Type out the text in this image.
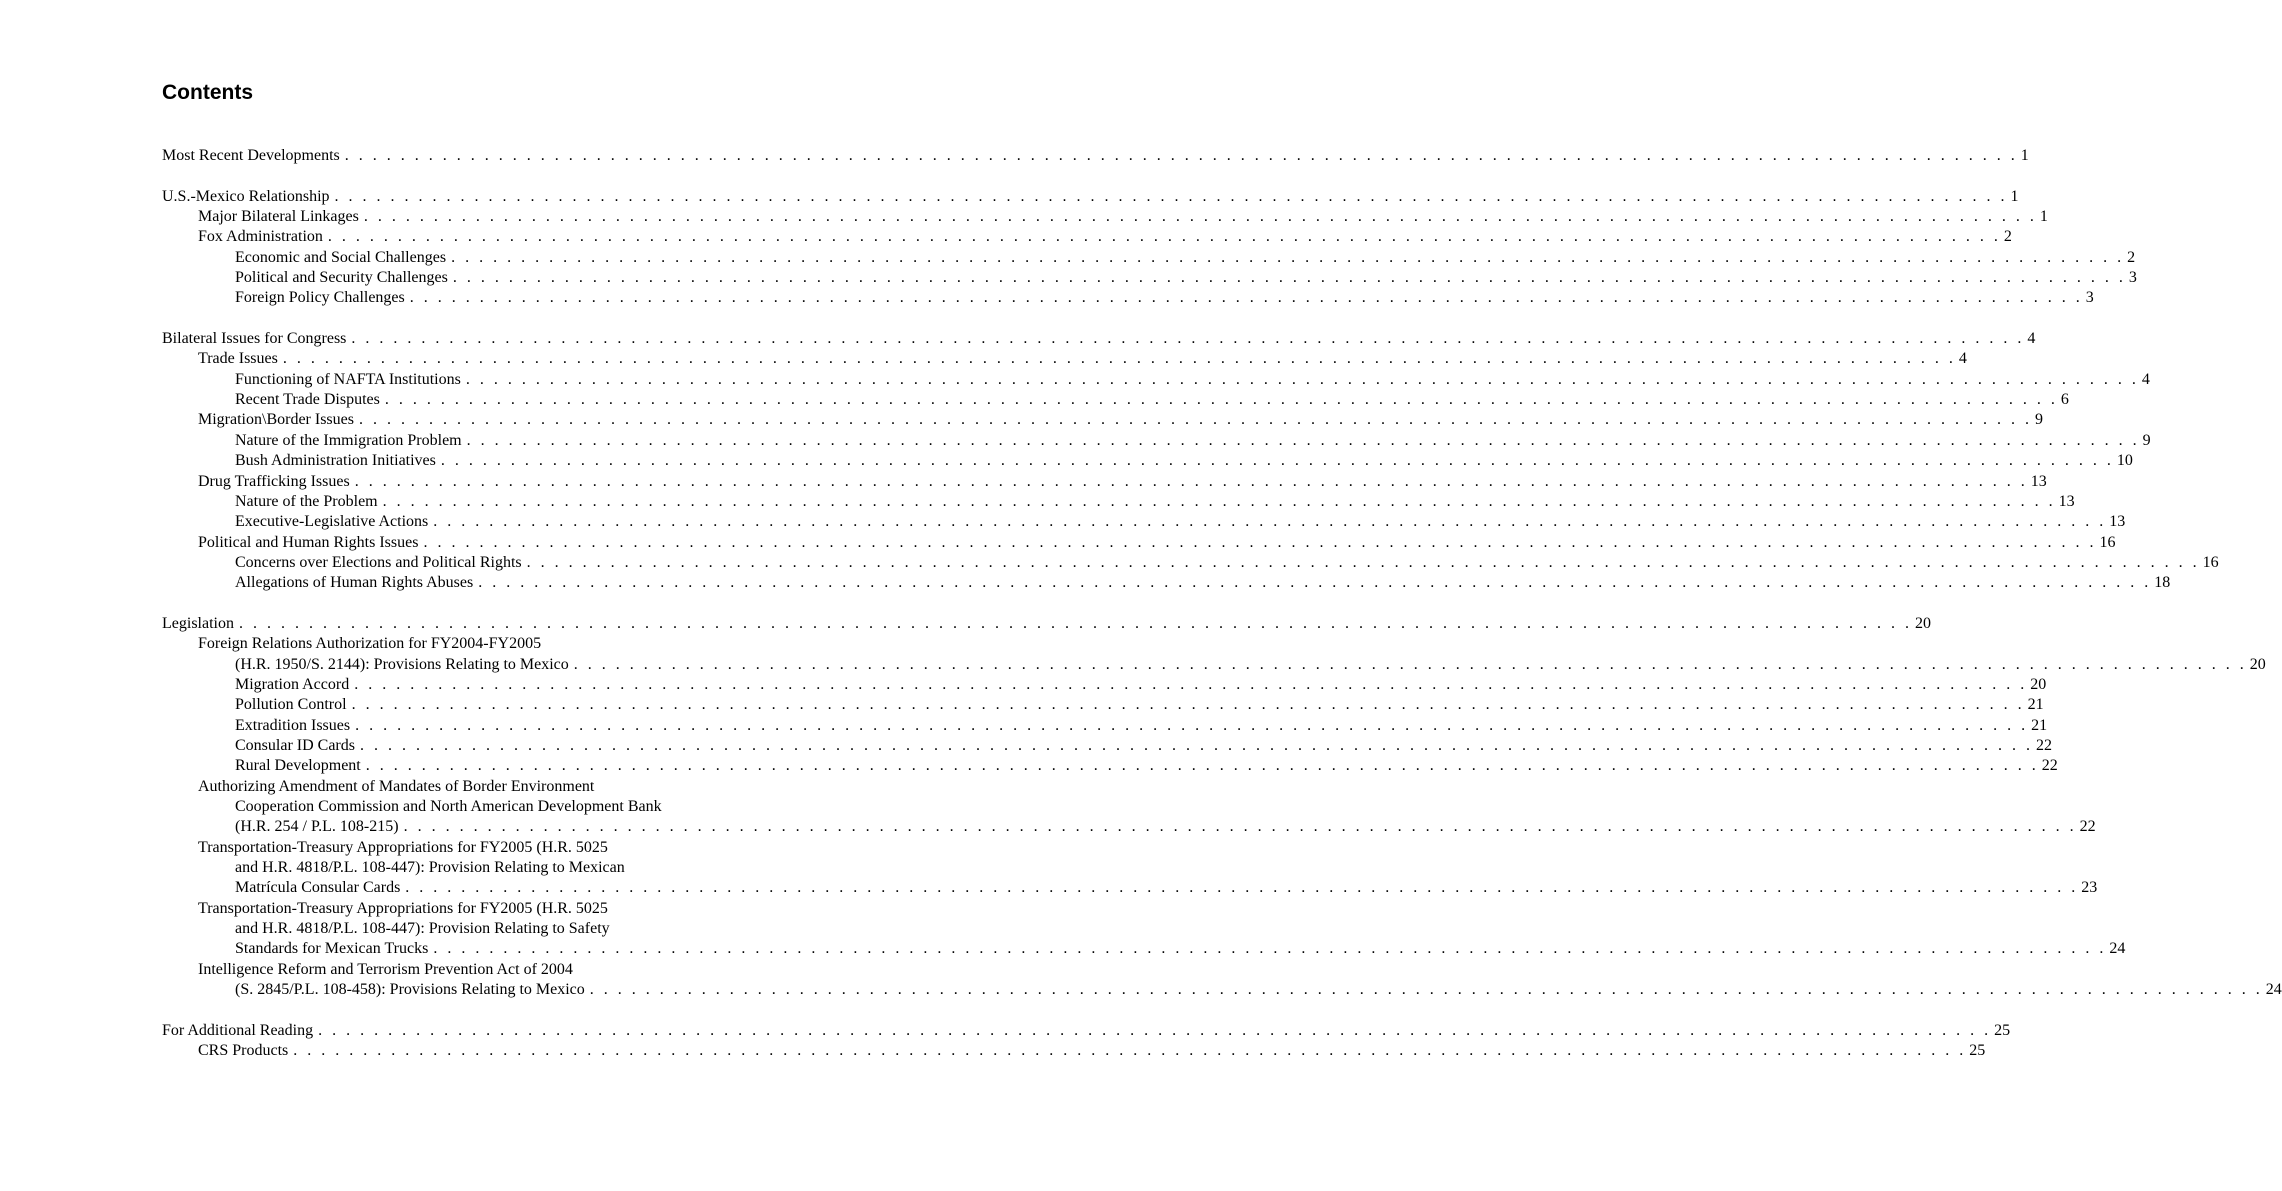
Contents
Most Recent Developments . . . . . . . . . . . . . . . . . . . . . . . . . . . . . . . . . . . . . . . . . . . . . . . . . . . . . . . . . . . . . . . . . . . . . . . . . . . . . . . . . . . . . . . . . . . . . . . . . . . . . . . . . . . . . . . . . . . . . . . . 1
U.S.-Mexico Relationship . . . . . . . . . . . . . . . . . . . . . . . . . . . . . . . . . . . . . . . . . . . . . . . . . . . . . . . . . . . . . . . . . . . . . . . . . . . . . . . . . . . . . . . . . . . . . . . . . . . . . . . . . . . . . . . . . . . . . . . . 1
Major Bilateral Linkages . . . . . . . . . . . . . . . . . . . . . . . . . . . . . . . . . . . . . . . . . . . . . . . . . . . . . . . . . . . . . . . . . . . . . . . . . . . . . . . . . . . . . . . . . . . . . . . . . . . . . . . . . . . . . . . . . . . . . . . . 1
Fox Administration . . . . . . . . . . . . . . . . . . . . . . . . . . . . . . . . . . . . . . . . . . . . . . . . . . . . . . . . . . . . . . . . . . . . . . . . . . . . . . . . . . . . . . . . . . . . . . . . . . . . . . . . . . . . . . . . . . . . . . . . 2
Economic and Social Challenges . . . . . . . . . . . . . . . . . . . . . . . . . . . . . . . . . . . . . . . . . . . . . . . . . . . . . . . . . . . . . . . . . . . . . . . . . . . . . . . . . . . . . . . . . . . . . . . . . . . . . . . . . . . . . . . . . . . . . . . . 2
Political and Security Challenges . . . . . . . . . . . . . . . . . . . . . . . . . . . . . . . . . . . . . . . . . . . . . . . . . . . . . . . . . . . . . . . . . . . . . . . . . . . . . . . . . . . . . . . . . . . . . . . . . . . . . . . . . . . . . . . . . . . . . . . . 3
Foreign Policy Challenges . . . . . . . . . . . . . . . . . . . . . . . . . . . . . . . . . . . . . . . . . . . . . . . . . . . . . . . . . . . . . . . . . . . . . . . . . . . . . . . . . . . . . . . . . . . . . . . . . . . . . . . . . . . . . . . . . . . . . . . . 3
Bilateral Issues for Congress . . . . . . . . . . . . . . . . . . . . . . . . . . . . . . . . . . . . . . . . . . . . . . . . . . . . . . . . . . . . . . . . . . . . . . . . . . . . . . . . . . . . . . . . . . . . . . . . . . . . . . . . . . . . . . . . . . . . . . . . 4
Trade Issues . . . . . . . . . . . . . . . . . . . . . . . . . . . . . . . . . . . . . . . . . . . . . . . . . . . . . . . . . . . . . . . . . . . . . . . . . . . . . . . . . . . . . . . . . . . . . . . . . . . . . . . . . . . . . . . . . . . . . . . . 4
Functioning of NAFTA Institutions . . . . . . . . . . . . . . . . . . . . . . . . . . . . . . . . . . . . . . . . . . . . . . . . . . . . . . . . . . . . . . . . . . . . . . . . . . . . . . . . . . . . . . . . . . . . . . . . . . . . . . . . . . . . . . . . . . . . . . . . 4
Recent Trade Disputes . . . . . . . . . . . . . . . . . . . . . . . . . . . . . . . . . . . . . . . . . . . . . . . . . . . . . . . . . . . . . . . . . . . . . . . . . . . . . . . . . . . . . . . . . . . . . . . . . . . . . . . . . . . . . . . . . . . . . . . . 6
Migration\Border Issues . . . . . . . . . . . . . . . . . . . . . . . . . . . . . . . . . . . . . . . . . . . . . . . . . . . . . . . . . . . . . . . . . . . . . . . . . . . . . . . . . . . . . . . . . . . . . . . . . . . . . . . . . . . . . . . . . . . . . . . . 9
Nature of the Immigration Problem . . . . . . . . . . . . . . . . . . . . . . . . . . . . . . . . . . . . . . . . . . . . . . . . . . . . . . . . . . . . . . . . . . . . . . . . . . . . . . . . . . . . . . . . . . . . . . . . . . . . . . . . . . . . . . . . . . . . . . . . 9
Bush Administration Initiatives . . . . . . . . . . . . . . . . . . . . . . . . . . . . . . . . . . . . . . . . . . . . . . . . . . . . . . . . . . . . . . . . . . . . . . . . . . . . . . . . . . . . . . . . . . . . . . . . . . . . . . . . . . . . . . . . . . . . . . . . 10
Drug Trafficking Issues . . . . . . . . . . . . . . . . . . . . . . . . . . . . . . . . . . . . . . . . . . . . . . . . . . . . . . . . . . . . . . . . . . . . . . . . . . . . . . . . . . . . . . . . . . . . . . . . . . . . . . . . . . . . . . . . . . . . . . . . 13
Nature of the Problem . . . . . . . . . . . . . . . . . . . . . . . . . . . . . . . . . . . . . . . . . . . . . . . . . . . . . . . . . . . . . . . . . . . . . . . . . . . . . . . . . . . . . . . . . . . . . . . . . . . . . . . . . . . . . . . . . . . . . . . . 13
Executive-Legislative Actions . . . . . . . . . . . . . . . . . . . . . . . . . . . . . . . . . . . . . . . . . . . . . . . . . . . . . . . . . . . . . . . . . . . . . . . . . . . . . . . . . . . . . . . . . . . . . . . . . . . . . . . . . . . . . . . . . . . . . . . . 13
Political and Human Rights Issues . . . . . . . . . . . . . . . . . . . . . . . . . . . . . . . . . . . . . . . . . . . . . . . . . . . . . . . . . . . . . . . . . . . . . . . . . . . . . . . . . . . . . . . . . . . . . . . . . . . . . . . . . . . . . . . . . . . . . . . . 16
Concerns over Elections and Political Rights . . . . . . . . . . . . . . . . . . . . . . . . . . . . . . . . . . . . . . . . . . . . . . . . . . . . . . . . . . . . . . . . . . . . . . . . . . . . . . . . . . . . . . . . . . . . . . . . . . . . . . . . . . . . . . . . . . . . . . . . 16
Allegations of Human Rights Abuses . . . . . . . . . . . . . . . . . . . . . . . . . . . . . . . . . . . . . . . . . . . . . . . . . . . . . . . . . . . . . . . . . . . . . . . . . . . . . . . . . . . . . . . . . . . . . . . . . . . . . . . . . . . . . . . . . . . . . . . . 18
Legislation . . . . . . . . . . . . . . . . . . . . . . . . . . . . . . . . . . . . . . . . . . . . . . . . . . . . . . . . . . . . . . . . . . . . . . . . . . . . . . . . . . . . . . . . . . . . . . . . . . . . . . . . . . . . . . . . . . . . . . . . 20
Foreign Relations Authorization for FY2004-FY2005
(H.R. 1950/S. 2144): Provisions Relating to Mexico . . . . . . . . . . . . . . . . . . . . . . . . . . . . . . . . . . . . . . . . . . . . . . . . . . . . . . . . . . . . . . . . . . . . . . . . . . . . . . . . . . . . . . . . . . . . . . . . . . . . . . . . . . . . . . . . . . . . . . . . 20
Migration Accord . . . . . . . . . . . . . . . . . . . . . . . . . . . . . . . . . . . . . . . . . . . . . . . . . . . . . . . . . . . . . . . . . . . . . . . . . . . . . . . . . . . . . . . . . . . . . . . . . . . . . . . . . . . . . . . . . . . . . . . . 20
Pollution Control . . . . . . . . . . . . . . . . . . . . . . . . . . . . . . . . . . . . . . . . . . . . . . . . . . . . . . . . . . . . . . . . . . . . . . . . . . . . . . . . . . . . . . . . . . . . . . . . . . . . . . . . . . . . . . . . . . . . . . . . 21
Extradition Issues . . . . . . . . . . . . . . . . . . . . . . . . . . . . . . . . . . . . . . . . . . . . . . . . . . . . . . . . . . . . . . . . . . . . . . . . . . . . . . . . . . . . . . . . . . . . . . . . . . . . . . . . . . . . . . . . . . . . . . . . 21
Consular ID Cards . . . . . . . . . . . . . . . . . . . . . . . . . . . . . . . . . . . . . . . . . . . . . . . . . . . . . . . . . . . . . . . . . . . . . . . . . . . . . . . . . . . . . . . . . . . . . . . . . . . . . . . . . . . . . . . . . . . . . . . . 22
Rural Development . . . . . . . . . . . . . . . . . . . . . . . . . . . . . . . . . . . . . . . . . . . . . . . . . . . . . . . . . . . . . . . . . . . . . . . . . . . . . . . . . . . . . . . . . . . . . . . . . . . . . . . . . . . . . . . . . . . . . . . . 22
Authorizing Amendment of Mandates of Border Environment
Cooperation Commission and North American Development Bank
(H.R. 254 / P.L. 108-215) . . . . . . . . . . . . . . . . . . . . . . . . . . . . . . . . . . . . . . . . . . . . . . . . . . . . . . . . . . . . . . . . . . . . . . . . . . . . . . . . . . . . . . . . . . . . . . . . . . . . . . . . . . . . . . . . . . . . . . . . 22
Transportation-Treasury Appropriations for FY2005 (H.R. 5025
and H.R. 4818/P.L. 108-447): Provision Relating to Mexican
Matrícula Consular Cards . . . . . . . . . . . . . . . . . . . . . . . . . . . . . . . . . . . . . . . . . . . . . . . . . . . . . . . . . . . . . . . . . . . . . . . . . . . . . . . . . . . . . . . . . . . . . . . . . . . . . . . . . . . . . . . . . . . . . . . . 23
Transportation-Treasury Appropriations for FY2005 (H.R. 5025
and H.R. 4818/P.L. 108-447): Provision Relating to Safety
Standards for Mexican Trucks . . . . . . . . . . . . . . . . . . . . . . . . . . . . . . . . . . . . . . . . . . . . . . . . . . . . . . . . . . . . . . . . . . . . . . . . . . . . . . . . . . . . . . . . . . . . . . . . . . . . . . . . . . . . . . . . . . . . . . . . 24
Intelligence Reform and Terrorism Prevention Act of 2004
(S. 2845/P.L. 108-458): Provisions Relating to Mexico . . . . . . . . . . . . . . . . . . . . . . . . . . . . . . . . . . . . . . . . . . . . . . . . . . . . . . . . . . . . . . . . . . . . . . . . . . . . . . . . . . . . . . . . . . . . . . . . . . . . . . . . . . . . . . . . . . . . . . . . 24
For Additional Reading . . . . . . . . . . . . . . . . . . . . . . . . . . . . . . . . . . . . . . . . . . . . . . . . . . . . . . . . . . . . . . . . . . . . . . . . . . . . . . . . . . . . . . . . . . . . . . . . . . . . . . . . . . . . . . . . . . . . . . . . 25
CRS Products . . . . . . . . . . . . . . . . . . . . . . . . . . . . . . . . . . . . . . . . . . . . . . . . . . . . . . . . . . . . . . . . . . . . . . . . . . . . . . . . . . . . . . . . . . . . . . . . . . . . . . . . . . . . . . . . . . . . . . . . 25
